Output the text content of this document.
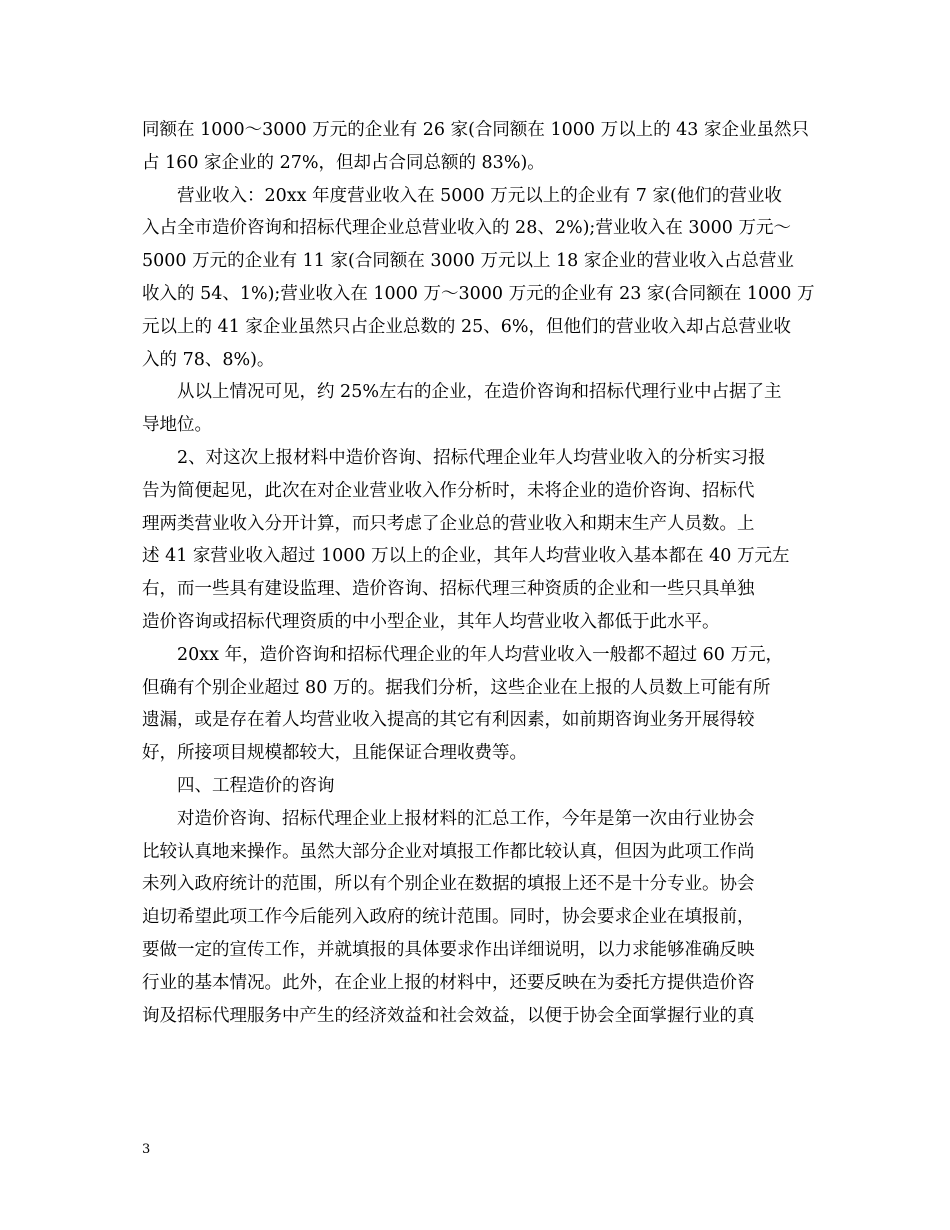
同额在 1000～3000 万元的企业有 26 家(合同额在 1000 万以上的 43 家企业虽然只
占 160 家企业的 27%，但却占合同总额的 83%)。
营业收入：20xx 年度营业收入在 5000 万元以上的企业有 7 家(他们的营业收
入占全市造价咨询和招标代理企业总营业收入的 28、2%);营业收入在 3000 万元～
5000 万元的企业有 11 家(合同额在 3000 万元以上 18 家企业的营业收入占总营业
收入的 54、1%);营业收入在 1000 万～3000 万元的企业有 23 家(合同额在 1000 万
元以上的 41 家企业虽然只占企业总数的 25、6%，但他们的营业收入却占总营业收
入的 78、8%)。
从以上情况可见，约 25%左右的企业，在造价咨询和招标代理行业中占据了主
导地位。
2、对这次上报材料中造价咨询、招标代理企业年人均营业收入的分析实习报
告为简便起见，此次在对企业营业收入作分析时，未将企业的造价咨询、招标代
理两类营业收入分开计算，而只考虑了企业总的营业收入和期末生产人员数。上
述 41 家营业收入超过 1000 万以上的企业，其年人均营业收入基本都在 40 万元左
右，而一些具有建设监理、造价咨询、招标代理三种资质的企业和一些只具单独
造价咨询或招标代理资质的中小型企业，其年人均营业收入都低于此水平。
20xx 年，造价咨询和招标代理企业的年人均营业收入一般都不超过 60 万元，
但确有个别企业超过 80 万的。据我们分析，这些企业在上报的人员数上可能有所
遗漏，或是存在着人均营业收入提高的其它有利因素，如前期咨询业务开展得较
好，所接项目规模都较大，且能保证合理收费等。
四、工程造价的咨询
对造价咨询、招标代理企业上报材料的汇总工作，今年是第一次由行业协会
比较认真地来操作。虽然大部分企业对填报工作都比较认真，但因为此项工作尚
未列入政府统计的范围，所以有个别企业在数据的填报上还不是十分专业。协会
迫切希望此项工作今后能列入政府的统计范围。同时，协会要求企业在填报前，
要做一定的宣传工作，并就填报的具体要求作出详细说明，以力求能够准确反映
行业的基本情况。此外，在企业上报的材料中，还要反映在为委托方提供造价咨
询及招标代理服务中产生的经济效益和社会效益，以便于协会全面掌握行业的真
3
